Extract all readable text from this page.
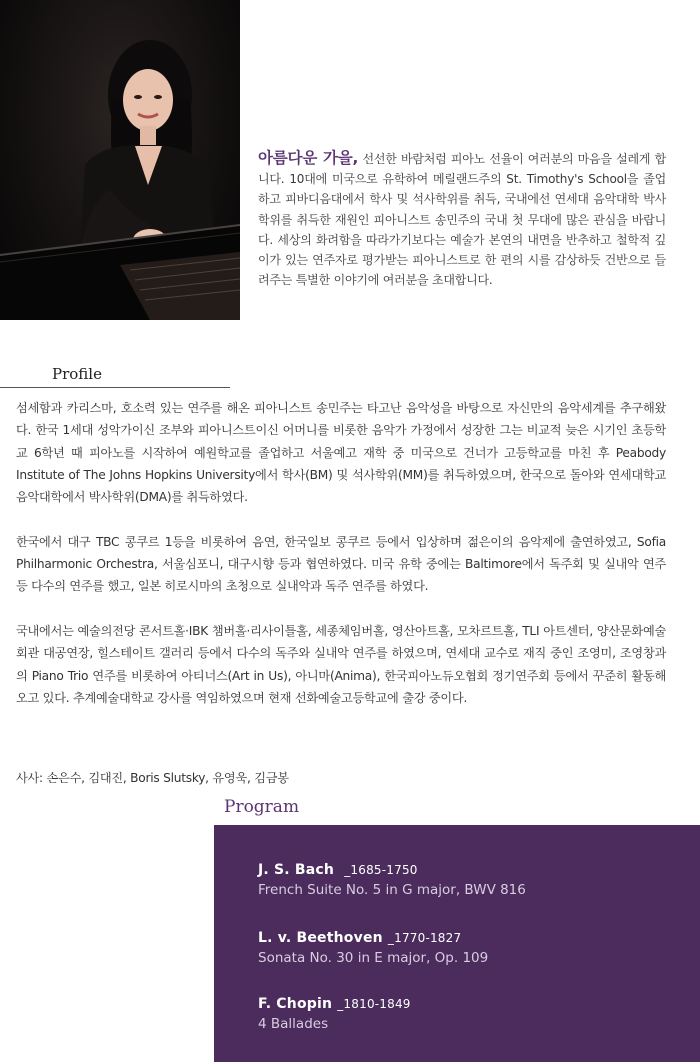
아름다운 가을, 선선한 바람처럼 피아노 선율이 여러분의 마음을 설레게 합니다. 10대에 미국으로 유학하여 메릴랜드주의 St. Timothy's School을 졸업하고 피바디음대에서 학사 및 석사학위를 취득, 국내에선 연세대 음악대학 박사학위를 취득한 재원인 피아니스트 송민주의 국내 첫 무대에 많은 관심을 바랍니다. 세상의 화려함을 따라가기보다는 예술가 본연의 내면을 반추하고 철학적 깊이가 있는 연주자로 평가받는 피아니스트로 한 편의 시를 감상하듯 건반으로 들려주는 특별한 이야기에 여러분을 초대합니다.
Profile

섬세함과 카리스마, 호소력 있는 연주를 해온 피아니스트 송민주는 타고난 음악성을 바탕으로 자신만의 음악세계를 추구해왔다. 한국 1세대 성악가이신 조부와 피아니스트이신 어머니를 비롯한 음악가 가정에서 성장한 그는 비교적 늦은 시기인 초등학교 6학년 때 피아노를 시작하여 예원학교를 졸업하고 서울예고 재학 중 미국으로 건너가 고등학교를 마친 후 Peabody Institute of The Johns Hopkins University에서 학사(BM) 및 석사학위(MM)를 취득하였으며, 한국으로 돌아와 연세대학교 음악대학에서 박사학위(DMA)를 취득하였다.

한국에서 대구 TBC 콩쿠르 1등을 비롯하여 음연, 한국일보 콩쿠르 등에서 입상하며 젊은이의 음악제에 출연하였고, Sofia Philharmonic Orchestra, 서울심포니, 대구시향 등과 협연하였다. 미국 유학 중에는 Baltimore에서 독주회 및 실내악 연주 등 다수의 연주를 했고, 일본 히로시마의 초청으로 실내악과 독주 연주를 하였다.

국내에서는 예술의전당 콘서트홀·IBK 챔버홀·리사이틀홀, 세종체임버홀, 영산아트홀, 모차르트홀, TLI 아트센터, 양산문화예술회관 대공연장, 힐스테이트 갤러리 등에서 다수의 독주와 실내악 연주를 하였으며, 연세대 교수로 재직 중인 조영미, 조영창과의 Piano Trio 연주를 비롯하여 아티너스(Art in Us), 아니마(Anima), 한국피아노듀오협회 정기연주회 등에서 꾸준히 활동해오고 있다. 추계예술대학교 강사를 역임하였으며 현재 선화예술고등학교에 출강 중이다.

사사: 손은수, 김대진, Boris Slutsky, 유영욱, 김금봉
Program
J. S. Bach _1685-1750
French Suite No. 5 in G major, BWV 816
L. v. Beethoven _1770-1827
Sonata No. 30 in E major, Op. 109
F. Chopin _1810-1849
4 Ballades
